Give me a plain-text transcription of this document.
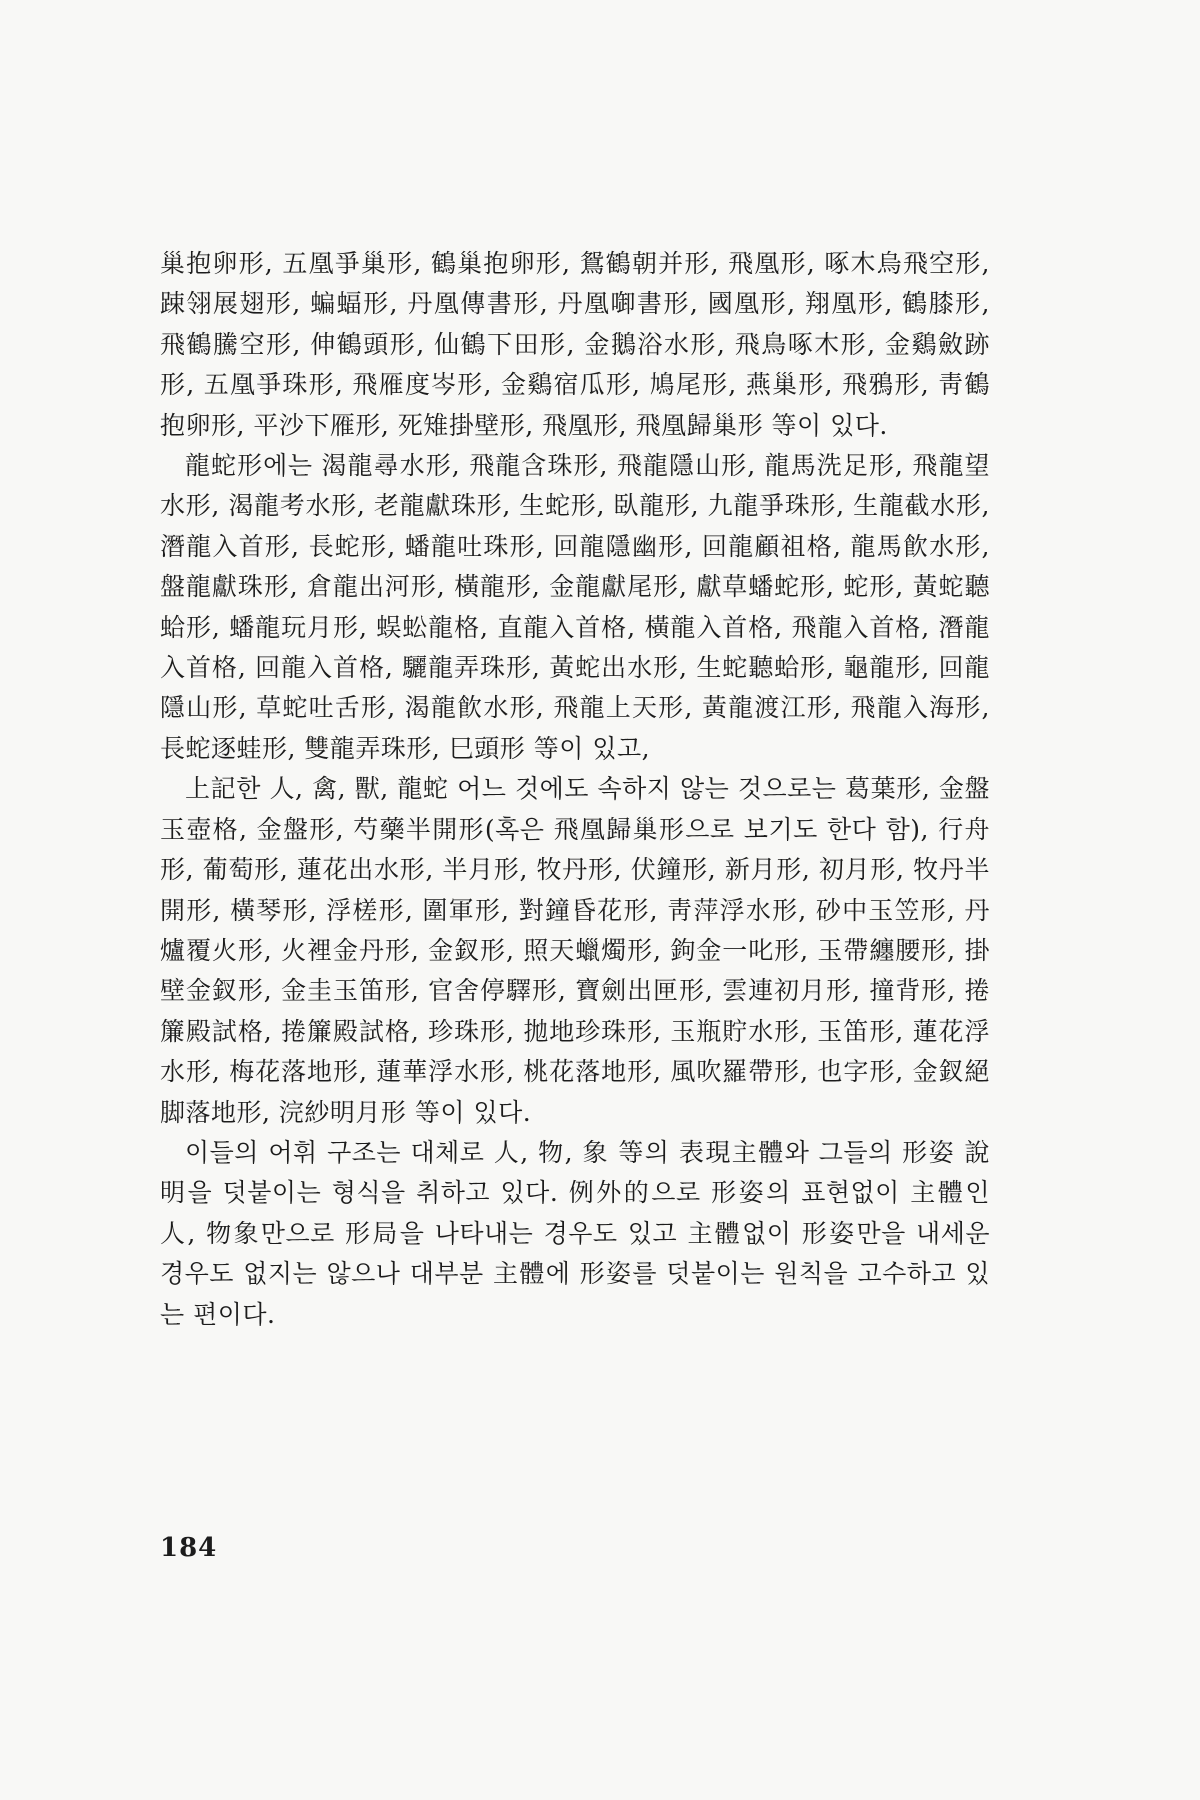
巢抱卵形, 五凰爭巢形, 鶴巢抱卵形, 鴛鶴朝并形, 飛凰形, 啄木烏飛空形, 踈翎展翅形, 蝙蝠形, 丹凰傳書形, 丹凰啣書形, 國凰形, 翔凰形, 鶴膝形, 飛鶴騰空形, 伸鶴頭形, 仙鶴下田形, 金鵝浴水形, 飛鳥啄木形, 金鷄斂跡形, 五凰爭珠形, 飛雁度岑形, 金鷄宿瓜形, 鳩尾形, 燕巢形, 飛鴉形, 靑鶴抱卵形, 平沙下雁形, 死雉掛壁形, 飛凰形, 飛凰歸巢形 等이 있다.

龍蛇形에는 渴龍尋水形, 飛龍含珠形, 飛龍隱山形, 龍馬洗足形, 飛龍望水形, 渴龍考水形, 老龍獻珠形, 生蛇形, 臥龍形, 九龍爭珠形, 生龍截水形, 潛龍入首形, 長蛇形, 蟠龍吐珠形, 回龍隱幽形, 回龍顧祖格, 龍馬飮水形, 盤龍獻珠形, 倉龍出河形, 橫龍形, 金龍獻尾形, 獻草蟠蛇形, 蛇形, 黃蛇聽蛤形, 蟠龍玩月形, 蜈蚣龍格, 直龍入首格, 橫龍入首格, 飛龍入首格, 潛龍入首格, 回龍入首格, 驪龍弄珠形, 黃蛇出水形, 生蛇聽蛤形, 龜龍形, 回龍隱山形, 草蛇吐舌形, 渴龍飮水形, 飛龍上天形, 黃龍渡江形, 飛龍入海形, 長蛇逐蛙形, 雙龍弄珠形, 巳頭形 等이 있고,

上記한 人, 禽, 獸, 龍蛇 어느 것에도 속하지 않는 것으로는 葛葉形, 金盤玉壺格, 金盤形, 芍藥半開形(혹은 飛凰歸巢形으로 보기도 한다 함), 行舟形, 葡萄形, 蓮花出水形, 半月形, 牧丹形, 伏鐘形, 新月形, 初月形, 牧丹半開形, 橫琴形, 浮槎形, 圍軍形, 對鐘昏花形, 靑萍浮水形, 砂中玉笠形, 丹爐覆火形, 火裡金丹形, 金釵形, 照天蠟燭形, 鉤金一叱形, 玉帶纏腰形, 掛壁金釵形, 金圭玉笛形, 官舍停驛形, 寶劍出匣形, 雲連初月形, 撞背形, 捲簾殿試格, 捲簾殿試格, 珍珠形, 拋地珍珠形, 玉瓶貯水形, 玉笛形, 蓮花浮水形, 梅花落地形, 蓮華浮水形, 桃花落地形, 風吹羅帶形, 也字形, 金釵絕脚落地形, 浣紗明月形 等이 있다.

이들의 어휘 구조는 대체로 人, 物, 象 等의 表現主體와 그들의 形姿 說明을 덧붙이는 형식을 취하고 있다. 例外的으로 形姿의 표현없이 主體인 人, 物象만으로 形局을 나타내는 경우도 있고 主體없이 形姿만을 내세운 경우도 없지는 않으나 대부분 主體에 形姿를 덧붙이는 원칙을 고수하고 있는 편이다.

184
